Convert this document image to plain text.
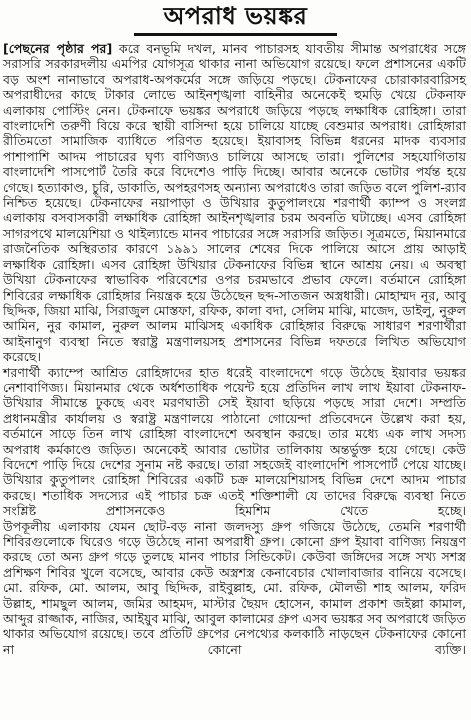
অপরাধ ভয়ঙ্কর

[পেছনের পৃষ্ঠার পর] করে বনভূমি দখল, মানব পাচারসহ যাবতীয় সীমান্ত অপরাধের সঙ্গে সরাসরি সরকারদলীয় এমপির যোগসূত্র থাকার নানা অভিযোগ রয়েছে। ফলে প্রশাসনের একটি বড় অংশ নানাভাবে অপরাধ-অপকর্মের সঙ্গে জড়িয়ে পড়ছে। টেকনাফের চোরাকারবারিসহ অপরাধীদের কাছে টাকার লোভে আইনশৃঙ্খলা বাহিনীর অনেকেই হুমড়ি খেয়ে টেকনাফ এলাকায় পোস্টিং নেন। টেকনাফে ভয়ঙ্কর অপরাধে জড়িয়ে পড়ছে লক্ষাধিক রোহিঙ্গা। তারা বাংলাদেশি তরুণী বিয়ে করে স্থায়ী বাসিন্দা হয়ে চালিয়ে যাচ্ছে বেশুমার অপরাধ। রোহিঙ্গারা রীতিমতো সামাজিক ব্যাধিতে পরিণত হয়েছে। ইয়াবাসহ বিভিন্ন ধরনের মাদক ব্যবসার পাশাপাশি আদম পাচারের ঘৃণ্য বাণিজ্যও চালিয়ে আসছে তারা। পুলিশের সহযোগিতায় বাংলাদেশি পাসপোর্ট তৈরি করে বিদেশেও পাড়ি দিচ্ছে। আবার অনেকে ভোটার পর্যন্ত হয়ে গেছে। হত্যাকাণ্ড, চুরি, ডাকাতি, অপহরণসহ অন্যান্য অপরাধেও তারা জড়িত বলে পুলিশ-র‍্যাব নিশ্চিত হয়েছে। টেকনাফের নয়াপাড়া ও উখিয়ার কুতুপালংয়ে শরণার্থী ক্যাম্প ও সংলগ্ন এলাকায় বসবাসকারী লক্ষাধিক রোহিঙ্গা আইনশৃঙ্খলার চরম অবনতি ঘটাচ্ছে। এসব রোহিঙ্গা সাগরপথে মালয়েশিয়া ও থাইল্যান্ডে মানব পাচারের সঙ্গে সরাসরি জড়িত। সূত্রমতে, মিয়ানমারে রাজনৈতিক অস্থিরতার কারণে ১৯৯১ সালের শেষের দিকে পালিয়ে আসে প্রায় আড়াই লক্ষাধিক রোহিঙ্গা। এসব রোহিঙ্গা উখিয়ার টেকনাফের বিভিন্ন স্থানে আশ্রয় নেয়। এ অবস্থা উখিয়া টেকনাফের স্বাভাবিক পরিবেশের ওপর চরমভাবে প্রভাব ফেলে। বর্তমানে রোহিঙ্গা শিবিরের লক্ষাধিক রোহিঙ্গার নিয়ন্ত্রক হয়ে উঠেছেন ছব্দ-সাতজন অস্ত্রধারী। মোহাম্মদ নূর, আবু ছিদ্দিক, জিয়া মাঝি, সিরাজুল মোস্তফা, রফিক, কালা বদা, সেলিম মাঝি, মাজেদ, ডাইলু, নুরুল আমিন, নুর কামাল, নুরুল আলম মাঝিসহ একাধিক রোহিঙ্গার বিরুদ্ধে সাধারণ শরণার্থীরা আইনানুগ ব্যবস্থা নিতে স্বরাষ্ট্র মন্ত্রণালয়সহ প্রশাসনের বিভিন্ন দফতরে লিখিত অভিযোগ করেছে।

শরণার্থী ক্যাম্পে আশ্রিত রোহিঙ্গাদের হাত ধরেই বাংলাদেশে গড়ে উঠেছে ইয়াবার ভয়ঙ্কর নেশাবাণিজ্য। মিয়ানমার থেকে অর্ধশতাধিক পয়েন্ট হয়ে প্রতিদিন লাখ লাখ ইয়াবা টেকনাফ-উখিয়ার সীমান্তে ঢুকছে এবং মরণঘাতী সেই ইয়াবা ছড়িয়ে পড়ছে সারা দেশে। সম্প্রতি প্রধানমন্ত্রীর কার্যালয় ও স্বরাষ্ট্র মন্ত্রণালয়ে পাঠানো গোয়েন্দা প্রতিবেদনে উল্লেখ করা হয়, বর্তমানে সাড়ে তিন লাখ রোহিঙ্গা বাংলাদেশে অবস্থান করছে। তার মধ্যে এক লাখ সদস্য অপরাধ কর্মকাণ্ডে জড়িত। অনেকেই আবার ভোটার তালিকায় অন্তর্ভুক্ত হয়ে গেছে। কেউ বিদেশে পাড়ি দিয়ে দেশের সুনাম নষ্ট করছে। তারা সহজেই বাংলাদেশি পাসপোর্ট পেয়ে যাচ্ছে। উখিয়ার কুতুপালং রোহিঙ্গা শিবিরের একটি চক্র মালয়েশিয়াসহ বিভিন্ন দেশে আদম পাচার করছে। শতাধিক সদস্যের এই পাচার চক্র এতই শক্তিশালী যে তাদের বিরুদ্ধে ব্যবস্থা নিতে সংশ্লিষ্ট প্রশাসনকেও হিমশিম খেতে হচ্ছে।

উপকূলীয় এলাকায় যেমন ছোট-বড় নানা জলদস্যু গ্রুপ গজিয়ে উঠেছে, তেমনি শরণার্থী শিবিরগুলোকে ঘিরেও গড়ে উঠেছে নানা অপরাধী গ্রুপ। কোনো গ্রুপ ইয়াবা বাণিজ্য নিয়ন্ত্রণ করছে তো অন্য গ্রুপ গড়ে তুলছে মানব পাচার সিন্ডিকেট। কেউবা জঙ্গিদের সঙ্গে সখ্য সশস্ত্র প্রশিক্ষণ শিবির খুলে বসেছে, আবার কেউ অস্ত্রশস্ত্র কেনাবেচার খোলাবাজার বানিয়ে বসেছে। মো. রফিক, মো. আলম, আবু ছিদ্দিক, রাইবুল্লাহ, মো. রফিক, মৌলভী শাহ আলম, ফরিদ উল্লাহ, শামছুল আলম, জমির আহমদ, মাস্টার ছৈয়দ হোসেন, কামাল প্রকাশ জইল্লা কামাল, আব্দুর রাজ্জাক, নাজির, আইয়ুব মাঝি, আবুল কালামের গ্রুপ এসব ভয়ঙ্কর সব অপরাধে জড়িত থাকার অভিযোগ রয়েছে। তবে প্রতিটি গ্রুপের নেপথ্যের কলকাঠি নাড়ছেন টেকনাফের কোনো না কোনো ব্যক্তি।
